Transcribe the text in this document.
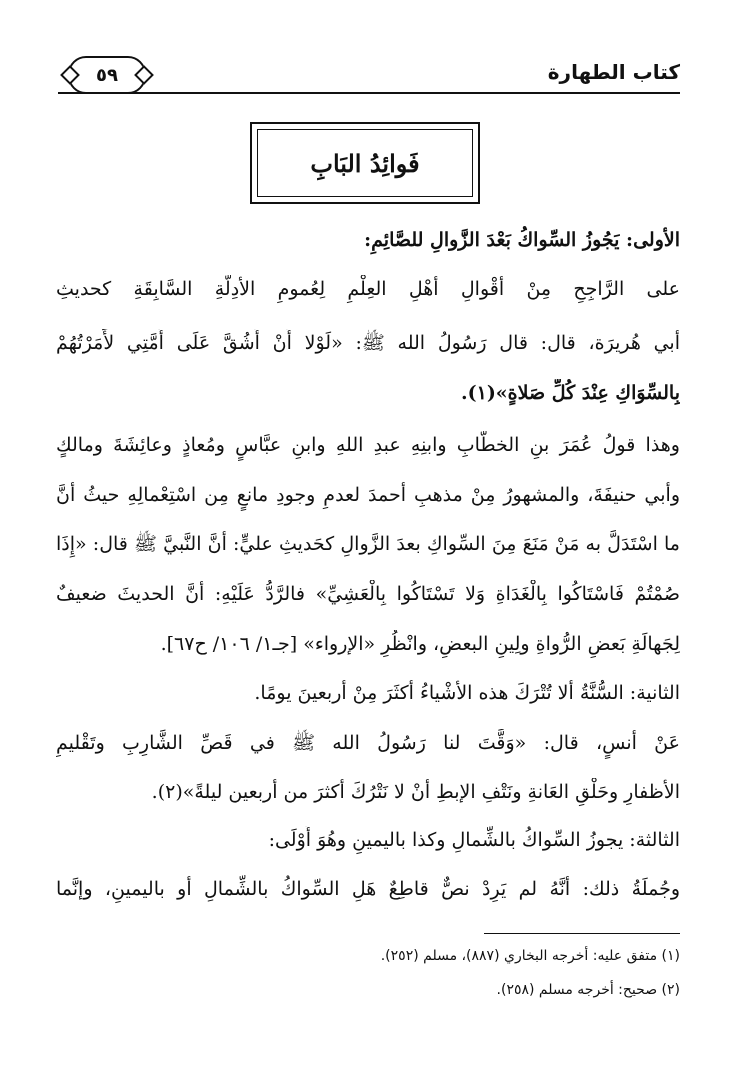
كتاب الطهارة
٥٩
فَوائِدُ البَابِ
الأولى: يَجُوزُ السِّواكُ بَعْدَ الزَّوالِ للصَّائِمِ:
على الرَّاجِحِ مِنْ أقْوالِ أهْلِ العِلْمِ لِعُمومِ الأدِلَّةِ السَّابِقَةِ كحديثِ
أبي هُريرَة، قال: قال رَسُولُ الله ﷺ: «لَوْلا أَنْ أَشُقَّ عَلَى أُمَّتِي لأَمَرْتُهُمْ
بِالسِّوَاكِ عِنْدَ كُلِّ صَلاةٍ»(١).
وهذا قولُ عُمَرَ بنِ الخطَّابِ وابنِهِ عبدِ اللهِ وابنِ عبَّاسٍ ومُعاذٍ وعائِشَةَ ومالكٍ
وأبي حنيفَةَ، والمشهورُ مِنْ مذهبِ أحمدَ لعدمِ وجودِ مانعٍ مِن اسْتِعْمالِهِ حيثُ أنَّ
ما اسْتَدَلَّ به مَنْ مَنَعَ مِنَ السِّواكِ بعدَ الزَّوالِ كحَديثِ عليٍّ: أنَّ النَّبيَّ ﷺ قال: «إِذَا
صُمْتُمْ فَاسْتَاكُوا بِالْغَدَاةِ وَلا تَسْتَاكُوا بِالْعَشِيِّ» فالرَّدُّ عَلَيْهِ: أنَّ الحديثَ ضعيفٌ
لِجَهالَةِ بَعضِ الرُّواةِ ولِينِ البعضِ، وانْظُرِ «الإرواء» [جـ١/ ١٠٦/ ح٦٧].
الثانية: السُّنَّةُ ألا تُتْرَكَ هذه الأشْياءُ أكثَرَ مِنْ أربعينَ يومًا.
عَنْ أنسٍ، قال: «وَقَّتَ لنا رَسُولُ الله ﷺ في قَصِّ الشَّارِبِ وتَقْليمِ
الأظفارِ وحَلْقِ العَانةِ ونَتْفِ الإبطِ أنْ لا نَتْرُكَ أكثرَ من أربعين ليلةً»(٢).
الثالثة: يجوزُ السِّواكُ بالشِّمالِ وكذا باليمينِ وهُوَ أَوْلَى:
وجُملَةُ ذلك: أنَّهُ لم يَرِدْ نصٌّ قاطِعٌ هَلِ السِّواكُ بالشِّمالِ أو باليمينِ، وإنَّما
(١) متفق عليه: أخرجه البخاري (٨٨٧)، مسلم (٢٥٢).
(٢) صحيح: أخرجه مسلم (٢٥٨).
